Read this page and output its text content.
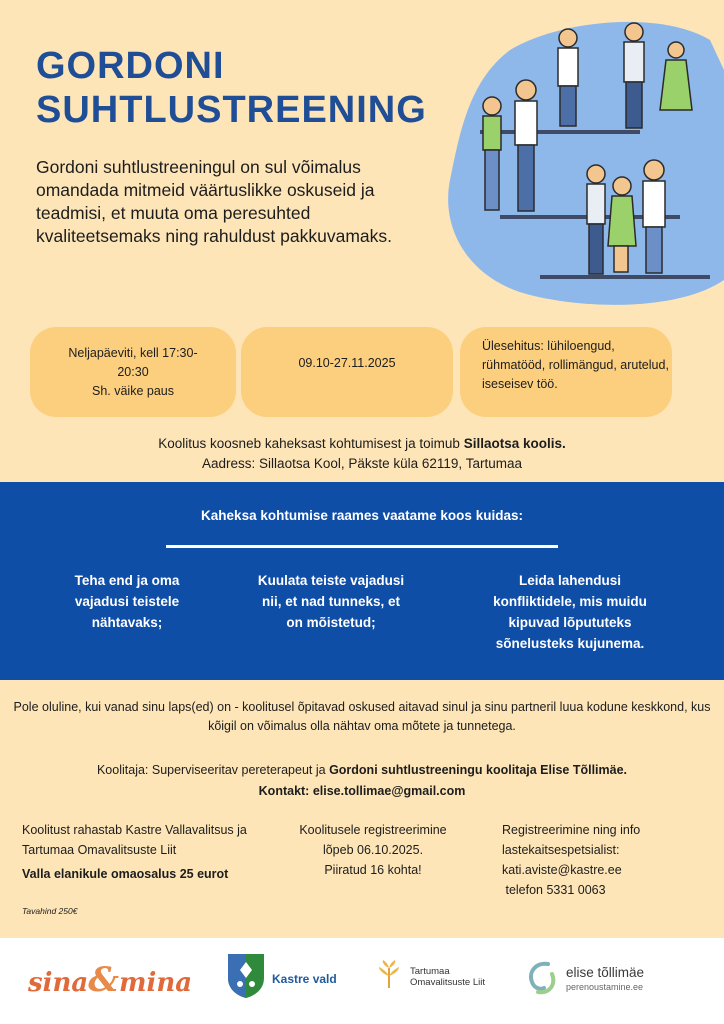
GORDONI
SUHTLUSTREENING
Gordoni suhtlustreeningul on sul võimalus omandada mitmeid väärtuslikke oskuseid ja teadmisi, et muuta oma peresuhted kvaliteetsemaks ning rahuldust pakkuvamaks.
Neljapäeviti, kell 17:30-
20:30
Sh. väike paus
09.10-27.11.2025
Ülesehitus: lühiloengud,
rühmatööd, rollimängud, arutelud,
iseseisev töö.
Koolitus koosneb kaheksast kohtumisest ja toimub Sillaotsa koolis.
Aadress: Sillaotsa Kool, Päkste küla 62119, Tartumaa
Kaheksa kohtumise raames vaatame koos kuidas:
Teha end ja oma
vajadusi teistele
nähtavaks;
Kuulata teiste vajadusi
nii, et nad tunneks, et
on mõistetud;
Leida lahendusi
konfliktidele, mis muidu
kipuvad lõpututeks
sõnelusteks kujunema.
Pole oluline, kui vanad sinu laps(ed) on - koolitusel õpitavad oskused aitavad sinul ja sinu partneril luua kodune keskkond, kus kõigil on võimalus olla nähtav oma mõtete ja tunnetega.
Koolitaja: Superviseeritav pereterapeut ja Gordoni suhtlustreeningu koolitaja Elise Tõllimäe.
Kontakt: elise.tollimae@gmail.com
Koolitust rahastab Kastre Vallavalitsus ja
Tartumaa Omavalitsuste Liit
Valla elanikule omaosalus 25 eurot
Koolitusele registreerimine
lõpeb 06.10.2025.
Piiratud 16 kohta!
Registreerimine ning info
lastekaitsespetsialist:
kati.aviste@kastre.ee
telefon 5331 0063
Tavahind 250€
sina&mina	Kastre vald
Tartumaa
Omavalitsuste Liit
elise tõllimäe
perenoustamine.ee
